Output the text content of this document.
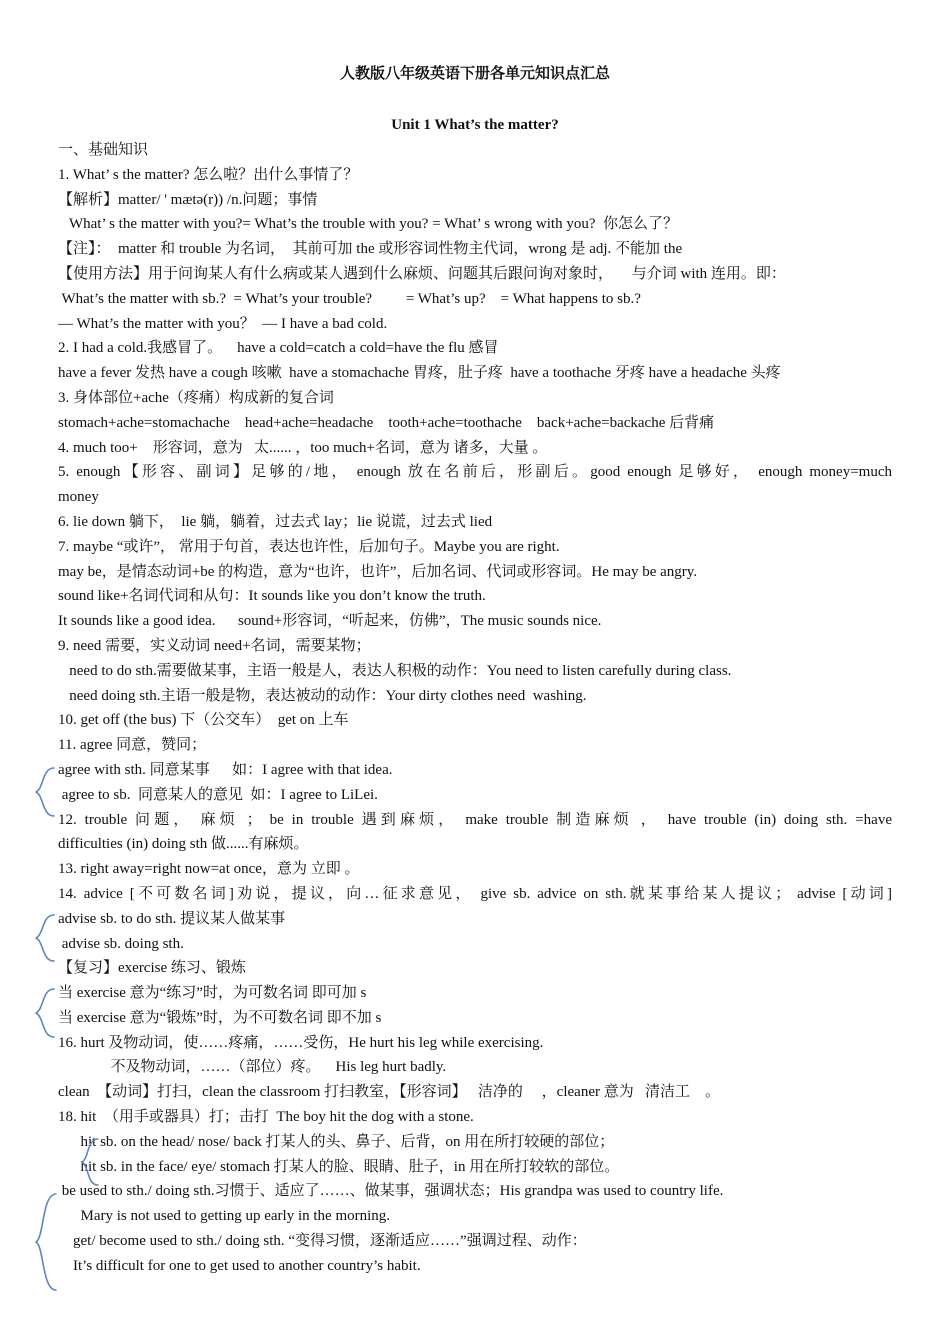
人教版八年级英语下册各单元知识点汇总
Unit 1 What’s the matter?
一、基础知识
1. What’ s the matter? 怎么啦？出什么事情了？
【解析】matter/ ' mætə(r)) /n.问题；事情
What’ s the matter with you?= What’s the trouble with you? = What’ s wrong with you?  你怎么了？
【注】：  matter 和 trouble 为名词，  其前可加 the 或形容词性物主代词，wrong 是 adj. 不能加 the
【使用方法】用于问询某人有什么病或某人遇到什么麻烦、问题其后跟问询对象时，     与介词 with 连用。即：
What’s the matter with sb.?  = What’s your trouble?         = What’s up?    = What happens to sb.?
— What’s the matter with you？  — I have a bad cold.
2. I had a cold.我感冒了。    have a cold=catch a cold=have the flu 感冒
have a fever 发热 have a cough 咳嗽  have a stomachache 胃疼，肚子疼  have a toothache 牙疼 have a headache 头疼
3. 身体部位+ache（疼痛）构成新的复合词
stomach+ache=stomachache    head+ache=headache    tooth+ache=toothache    back+ache=backache 后背痛
4. much too+    形容词，意为   太...... ，too much+名词，意为 诸多，大量 。
5. enough【形容、副词】足够的/地， enough 放在名前后，形副后。good enough 足够好， enough money=much
money
6. lie down 躺下，  lie 躺，躺着，过去式 lay；lie 说谎，过去式 lied
7. maybe “或许”， 常用于句首，表达也许性，后加句子。Maybe you are right.
may be，是情态动词+be 的构造，意为“也许，也许”，后加名词、代词或形容词。He may be angry.
sound like+名词代词和从句：It sounds like you don’t know the truth.
It sounds like a good idea.      sound+形容词，“听起来，仿佛”，The music sounds nice.
9. need 需要，实义动词 need+名词，需要某物；
need to do sth.需要做某事，主语一般是人，表达人积极的动作：You need to listen carefully during class.
need doing sth.主语一般是物，表达被动的动作：Your dirty clothes need  washing.
10. get off (the bus) 下（公交车）  get on 上车
11. agree 同意，赞同；
agree with sth. 同意某事      如：I agree with that idea.
agree to sb.  同意某人的意见  如：I agree to LiLei.
12. trouble 问题， 麻烦 ； be in trouble 遇到麻烦， make trouble 制造麻烦 ， have trouble (in) doing sth. =have
difficulties (in) doing sth 做......有麻烦。
13. right away=right now=at once，意为 立即 。
14. advice [不可数名词]劝说，提议，向…征求意见， give sb. advice on sth.就某事给某人提议； advise [动词]
advise sb. to do sth. 提议某人做某事
advise sb. doing sth.
【复习】exercise 练习、锻炼
当 exercise 意为“练习”时，为可数名词 即可加 s
当 exercise 意为“锻炼”时，为不可数名词 即不加 s
16. hurt 及物动词，使……疼痛，……受伤，He hurt his leg while exercising.
不及物动词，……（部位）疼。    His leg hurt badly.
clean  【动词】打扫，clean the classroom 打扫教室，【形容词】   洁净的     ，cleaner 意为   清洁工    。
18. hit  （用手或器具）打；击打  The boy hit the dog with a stone.
hit sb. on the head/ nose/ back 打某人的头、鼻子、后背，on 用在所打较硬的部位；
hit sb. in the face/ eye/ stomach 打某人的脸、眼睛、肚子，in 用在所打较软的部位。
be used to sth./ doing sth.习惯于、适应了……、做某事，强调状态；His grandpa was used to country life.
Mary is not used to getting up early in the morning.
get/ become used to sth./ doing sth. “变得习惯，逐渐适应……”强调过程、动作：
It’s difficult for one to get used to another country’s habit.
